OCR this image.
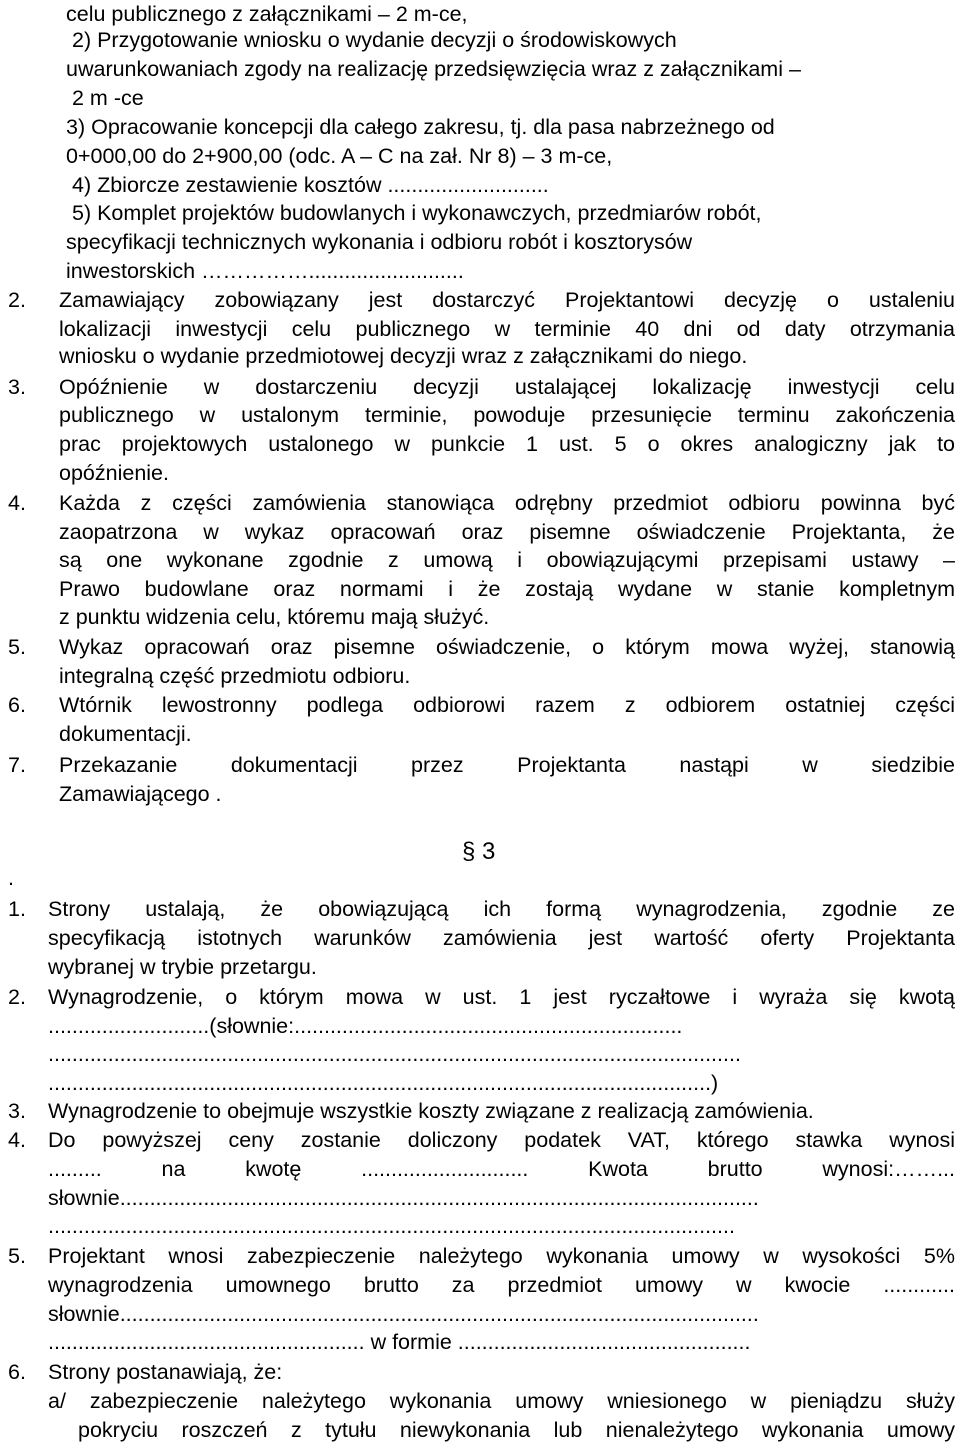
celu publicznego z załącznikami – 2 m-ce,
2) Przygotowanie wniosku o wydanie decyzji o środowiskowych
uwarunkowaniach zgody na realizację przedsięwzięcia wraz z załącznikami –
2 m -ce
3) Opracowanie koncepcji dla całego zakresu, tj. dla pasa nabrzeżnego od
0+000,00 do 2+900,00 (odc. A – C na zał. Nr 8) – 3 m-ce,
4) Zbiorcze zestawienie kosztów ...........................
5) Komplet projektów budowlanych i wykonawczych, przedmiarów robót,
specyfikacji technicznych wykonania i odbioru robót i kosztorysów
inwestorskich ……………..........................
2. Zamawiający zobowiązany jest dostarczyć Projektantowi decyzję o ustaleniu
lokalizacji inwestycji celu publicznego w terminie 40 dni od daty otrzymania
wniosku o wydanie przedmiotowej decyzji wraz z załącznikami do niego.
3. Opóźnienie w dostarczeniu decyzji ustalającej lokalizację inwestycji celu
publicznego w ustalonym terminie, powoduje przesunięcie terminu zakończenia
prac projektowych ustalonego w punkcie 1 ust. 5 o okres analogiczny jak to
opóźnienie.
4. Każda z części zamówienia stanowiąca odrębny przedmiot odbioru powinna być
zaopatrzona w wykaz opracowań oraz pisemne oświadczenie Projektanta, że
są one wykonane zgodnie z umową i obowiązującymi przepisami ustawy –
Prawo budowlane oraz normami i że zostają wydane w stanie kompletnym
z punktu widzenia celu, któremu mają służyć.
5. Wykaz opracowań oraz pisemne oświadczenie, o którym mowa wyżej, stanowią
integralną część przedmiotu odbioru.
6. Wtórnik lewostronny podlega odbiorowi razem z odbiorem ostatniej części
dokumentacji.
7. Przekazanie dokumentacji przez Projektanta nastąpi w siedzibie
Zamawiającego .
§ 3
.
1. Strony ustalają, że obowiązującą ich formą wynagrodzenia, zgodnie ze
specyfikacją istotnych warunków zamówienia jest wartość oferty Projektanta
wybranej w trybie przetargu.
2. Wynagrodzenie, o którym mowa w ust. 1 jest ryczałtowe i wyraża się kwotą
...........................(słownie:.................................................................
....................................................................................................................
...............................................................................................................)
3. Wynagrodzenie to obejmuje wszystkie koszty związane z realizacją zamówienia.
4. Do powyższej ceny zostanie doliczony podatek VAT, którego stawka wynosi
......... na kwotę ............................ Kwota brutto wynosi:……...
słownie...........................................................................................................
...................................................................................................................
5. Projektant wnosi zabezpieczenie należytego wykonania umowy w wysokości 5%
wynagrodzenia umownego brutto za przedmiot umowy w kwocie ............
słownie...........................................................................................................
..................................................... w formie .................................................
6. Strony postanawiają, że:
a/ zabezpieczenie należytego wykonania umowy wniesionego w pieniądzu służy
pokryciu roszczeń z tytułu niewykonania lub nienależytego wykonania umowy
